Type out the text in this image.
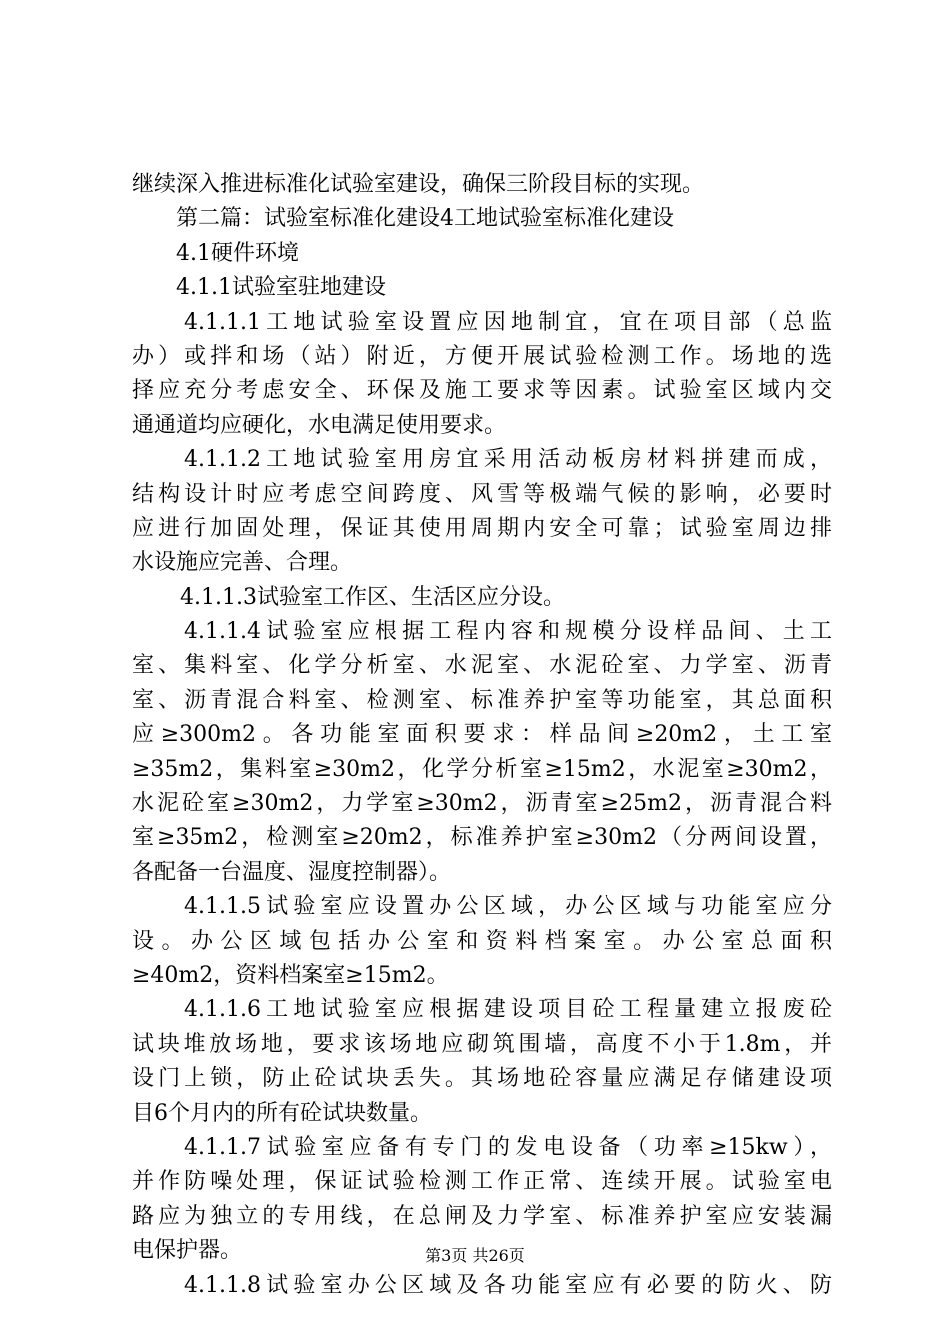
继续深入推进标准化试验室建设，确保三阶段目标的实现。
第二篇：试验室标准化建设4工地试验室标准化建设
4.1硬件环境
4.1.1试验室驻地建设
4.1.1.1工地试验室设置应因地制宜，宜在项目部（总监
办）或拌和场（站）附近，方便开展试验检测工作。场地的选
择应充分考虑安全、环保及施工要求等因素。试验室区域内交
通通道均应硬化，水电满足使用要求。
4.1.1.2工地试验室用房宜采用活动板房材料拼建而成，
结构设计时应考虑空间跨度、风雪等极端气候的影响，必要时
应进行加固处理，保证其使用周期内安全可靠；试验室周边排
水设施应完善、合理。
4.1.1.3试验室工作区、生活区应分设。
4.1.1.4试验室应根据工程内容和规模分设样品间、土工
室、集料室、化学分析室、水泥室、水泥砼室、力学室、沥青
室、沥青混合料室、检测室、标准养护室等功能室，其总面积
应≥300m2。各功能室面积要求：样品间≥20m2，土工室
≥35m2，集料室≥30m2，化学分析室≥15m2，水泥室≥30m2，
水泥砼室≥30m2，力学室≥30m2，沥青室≥25m2，沥青混合料
室≥35m2，检测室≥20m2，标准养护室≥30m2（分两间设置，
各配备一台温度、湿度控制器）。
4.1.1.5试验室应设置办公区域，办公区域与功能室应分
设。办公区域包括办公室和资料档案室。办公室总面积
≥40m2，资料档案室≥15m2。
4.1.1.6工地试验室应根据建设项目砼工程量建立报废砼
试块堆放场地，要求该场地应砌筑围墙，高度不小于1.8m，并
设门上锁，防止砼试块丢失。其场地砼容量应满足存储建设项
目6个月内的所有砼试块数量。
4.1.1.7试验室应备有专门的发电设备（功率≥15kw），
并作防噪处理，保证试验检测工作正常、连续开展。试验室电
路应为独立的专用线，在总闸及力学室、标准养护室应安装漏
电保护器。
4.1.1.8试验室办公区域及各功能室应有必要的防火、防
第3页 共26页
